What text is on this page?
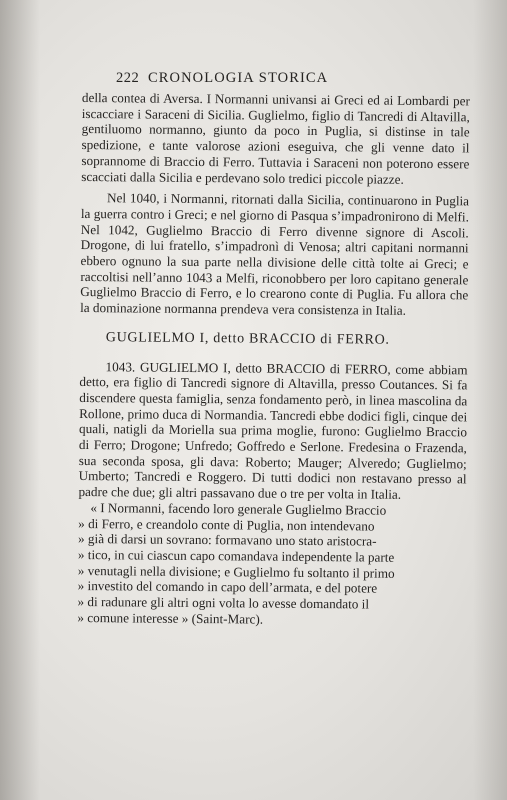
222 CRONOLOGIA STORICA

della contea di Aversa. I Normanni univansi ai Greci ed ai Lombardi per iscacciare i Saraceni di Sicilia. Guglielmo, figlio di Tancredi di Altavilla, gentiluomo normanno, giunto da poco in Puglia, si distinse in tale spedizione, e tante valorose azioni eseguiva, che gli venne dato il soprannome di Braccio di Ferro. Tuttavia i Saraceni non poterono essere scacciati dalla Sicilia e perdevano solo tredici piccole piazze.

Nel 1040, i Normanni, ritornati dalla Sicilia, continuarono in Puglia la guerra contro i Greci; e nel giorno di Pasqua s’impadronirono di Melfi. Nel 1042, Guglielmo Braccio di Ferro divenne signore di Ascoli. Drogone, di lui fratello, s’impadronì di Venosa; altri capitani normanni ebbero ognuno la sua parte nella divisione delle città tolte ai Greci; e raccoltisi nell’anno 1043 a Melfi, riconobbero per loro capitano generale Guglielmo Braccio di Ferro, e lo crearono conte di Puglia. Fu allora che la dominazione normanna prendeva vera consistenza in Italia.

GUGLIELMO I, detto BRACCIO di FERRO.

1043. GUGLIELMO I, detto BRACCIO di FERRO, come abbiam detto, era figlio di Tancredi signore di Altavilla, presso Coutances. Si fa discendere questa famiglia, senza fondamento però, in linea mascolina da Rollone, primo duca di Normandia. Tancredi ebbe dodici figli, cinque dei quali, natigli da Moriella sua prima moglie, furono: Guglielmo Braccio di Ferro; Drogone; Unfredo; Goffredo e Serlone. Fredesina o Frazenda, sua seconda sposa, gli dava: Roberto; Mauger; Alveredo; Guglielmo; Umberto; Tancredi e Roggero. Di tutti dodici non restavano presso al padre che due; gli altri passavano due o tre per volta in Italia.

« I Normanni, facendo loro generale Guglielmo Braccio
» di Ferro, e creandolo conte di Puglia, non intendevano
» già di darsi un sovrano: formavano uno stato aristocra-
» tico, in cui ciascun capo comandava independente la parte
» venutagli nella divisione; e Guglielmo fu soltanto il primo
» investito del comando in capo dell’armata, e del potere
» di radunare gli altri ogni volta lo avesse domandato il
» comune interesse » (Saint-Marc).
